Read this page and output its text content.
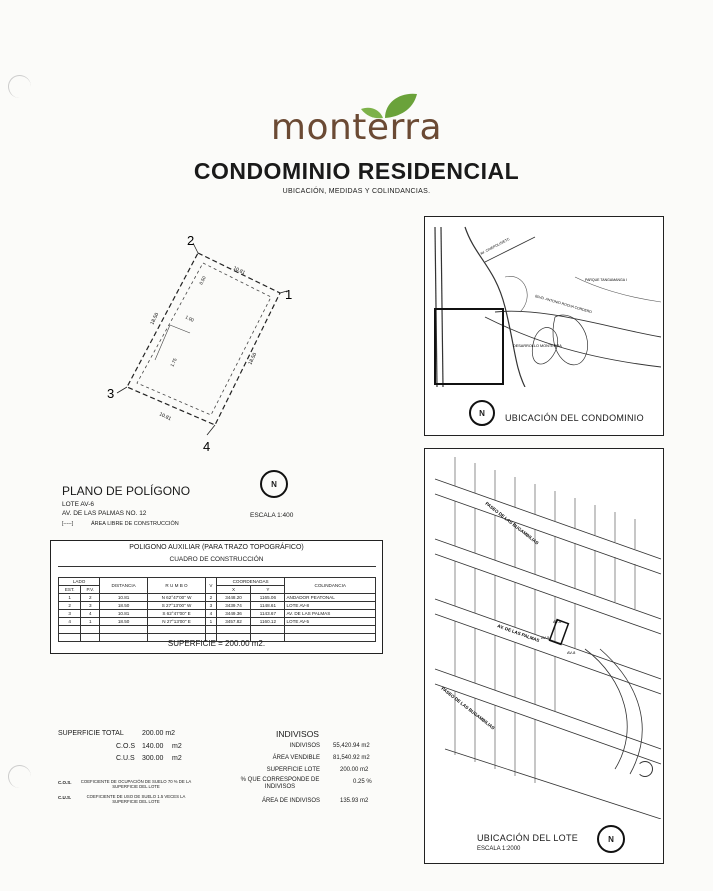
monterra
CONDOMINIO RESIDENCIAL
UBICACIÓN, MEDIDAS Y COLINDANCIAS.
2
1
3
4
10.81
18.50
10.81
18.50	1.00
1.75
0.50
PLANO DE POLÍGONO
LOTE AV-6
AV. DE LAS PALMAS NO. 12	ESCALA 1:400
[-----]	ÁREA LIBRE DE CONSTRUCCIÓN
N
POLIGONO AUXILIAR (PARA TRAZO TOPOGRÁFICO)
CUADRO DE CONSTRUCCIÓN
LADO		DISTANCIA	R U M B O	V	COORDENADAS		COLINDANCIA
EST.	P.V.				X	Y	
1	2	10.81	N 62°47'00" W	2	3448.20	1165.06	ANDADOR PEATONAL
2	3	18.50	S 27°13'00" W	3	3439.74	1148.61	LOTE AV-8
3	4	10.81	S 62°47'00" E	4	3449.36	1143.67	AV. DE LAS PALMAS
4	1	18.50	N 27°13'00" E	1	3457.82	1160.12	LOTE AV-5

SUPERFICIE = 200.00 m2.
SUPERFICIE TOTAL	200.00 m2
C.O.S 140.00 m2
C.U.S 300.00 m2
C.O.S.	COEFICIENTE DE OCUPACIÓN DE SUELO 70 % DE LA SUPERFICIE DEL LOTE
C.U.S.	COEFICIENTE DE USO DE SUELO 1.5 VECES LA SUPERFICIE DEL LOTE
INDIVISOS
INDIVISOS 55,420.94 m2
ÁREA VENDIBLE 81,540.92 m2
SUPERFICIE LOTE	200.00 m2
% QUE CORRESPONDE DE INDIVISOS
0.25 %
ÁREA DE INDIVISOS	135.93 m2
AV. CINEPOLIS/ETC
PARQUE TANGAMANGA I
BLVD. ANTONIO ROCHA CORDERO
DESARROLLO MONTERRA
N UBICACIÓN DEL CONDOMINIO
PASEO DE LAS BUGAMBILIAS
AV. DE LAS PALMAS
PASEO DE LAS BUGAMBILIAS
AV-5
AV-6
AV-8
UBICACIÓN DEL LOTE
ESCALA 1:2000
N
